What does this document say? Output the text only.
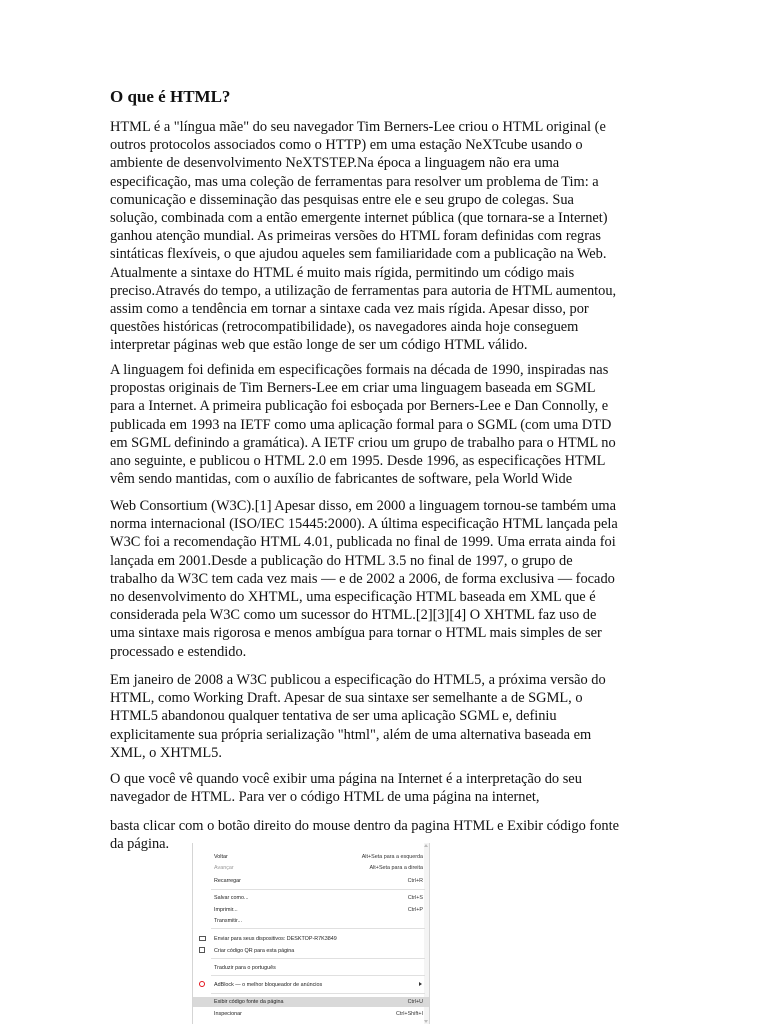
O que é HTML?

HTML é a "língua mãe" do seu navegador Tim Berners-Lee criou o HTML original (e
outros protocolos associados como o HTTP) em uma estação NeXTcube usando o
ambiente de desenvolvimento NeXTSTEP.Na época a linguagem não era uma
especificação, mas uma coleção de ferramentas para resolver um problema de Tim: a
comunicação e disseminação das pesquisas entre ele e seu grupo de colegas. Sua
solução, combinada com a então emergente internet pública (que tornara-se a Internet)
ganhou atenção mundial. As primeiras versões do HTML foram definidas com regras
sintáticas flexíveis, o que ajudou aqueles sem familiaridade com a publicação na Web.
Atualmente a sintaxe do HTML é muito mais rígida, permitindo um código mais
preciso.Através do tempo, a utilização de ferramentas para autoria de HTML aumentou,
assim como a tendência em tornar a sintaxe cada vez mais rígida. Apesar disso, por
questões históricas (retrocompatibilidade), os navegadores ainda hoje conseguem
interpretar páginas web que estão longe de ser um código HTML válido.

A linguagem foi definida em especificações formais na década de 1990, inspiradas nas
propostas originais de Tim Berners-Lee em criar uma linguagem baseada em SGML
para a Internet. A primeira publicação foi esboçada por Berners-Lee e Dan Connolly, e
publicada em 1993 na IETF como uma aplicação formal para o SGML (com uma DTD
em SGML definindo a gramática). A IETF criou um grupo de trabalho para o HTML no
ano seguinte, e publicou o HTML 2.0 em 1995. Desde 1996, as especificações HTML
vêm sendo mantidas, com o auxílio de fabricantes de software, pela World Wide

Web Consortium (W3C).[1] Apesar disso, em 2000 a linguagem tornou-se também uma
norma internacional (ISO/IEC 15445:2000). A última especificação HTML lançada pela
W3C foi a recomendação HTML 4.01, publicada no final de 1999. Uma errata ainda foi
lançada em 2001.Desde a publicação do HTML 3.5 no final de 1997, o grupo de
trabalho da W3C tem cada vez mais — e de 2002 a 2006, de forma exclusiva — focado
no desenvolvimento do XHTML, uma especificação HTML baseada em XML que é
considerada pela W3C como um sucessor do HTML.[2][3][4] O XHTML faz uso de
uma sintaxe mais rigorosa e menos ambígua para tornar o HTML mais simples de ser
processado e estendido.

Em janeiro de 2008 a W3C publicou a especificação do HTML5, a próxima versão do
HTML, como Working Draft. Apesar de sua sintaxe ser semelhante a de SGML, o
HTML5 abandonou qualquer tentativa de ser uma aplicação SGML e, definiu
explicitamente sua própria serialização "html", além de uma alternativa baseada em
XML, o XHTML5.

O que você vê quando você exibir uma página na Internet é a interpretação do seu
navegador de HTML. Para ver o código HTML de uma página na internet,

basta clicar com o botão direito do mouse dentro da pagina HTML e Exibir código fonte
da página.

Voltar	Alt+Seta para a esquerda
Avançar	Alt+Seta para a direita
Recarregar	Ctrl+R
Salvar como...	Ctrl+S
Imprimir...	Ctrl+P
Transmitir...
Enviar para seus dispositivos: DESKTOP-R7K3849
Criar código QR para esta página
Traduzir para o português
AdBlock — o melhor bloqueador de anúncios
Exibir código fonte da página	Ctrl+U
Inspecionar	Ctrl+Shift+I
